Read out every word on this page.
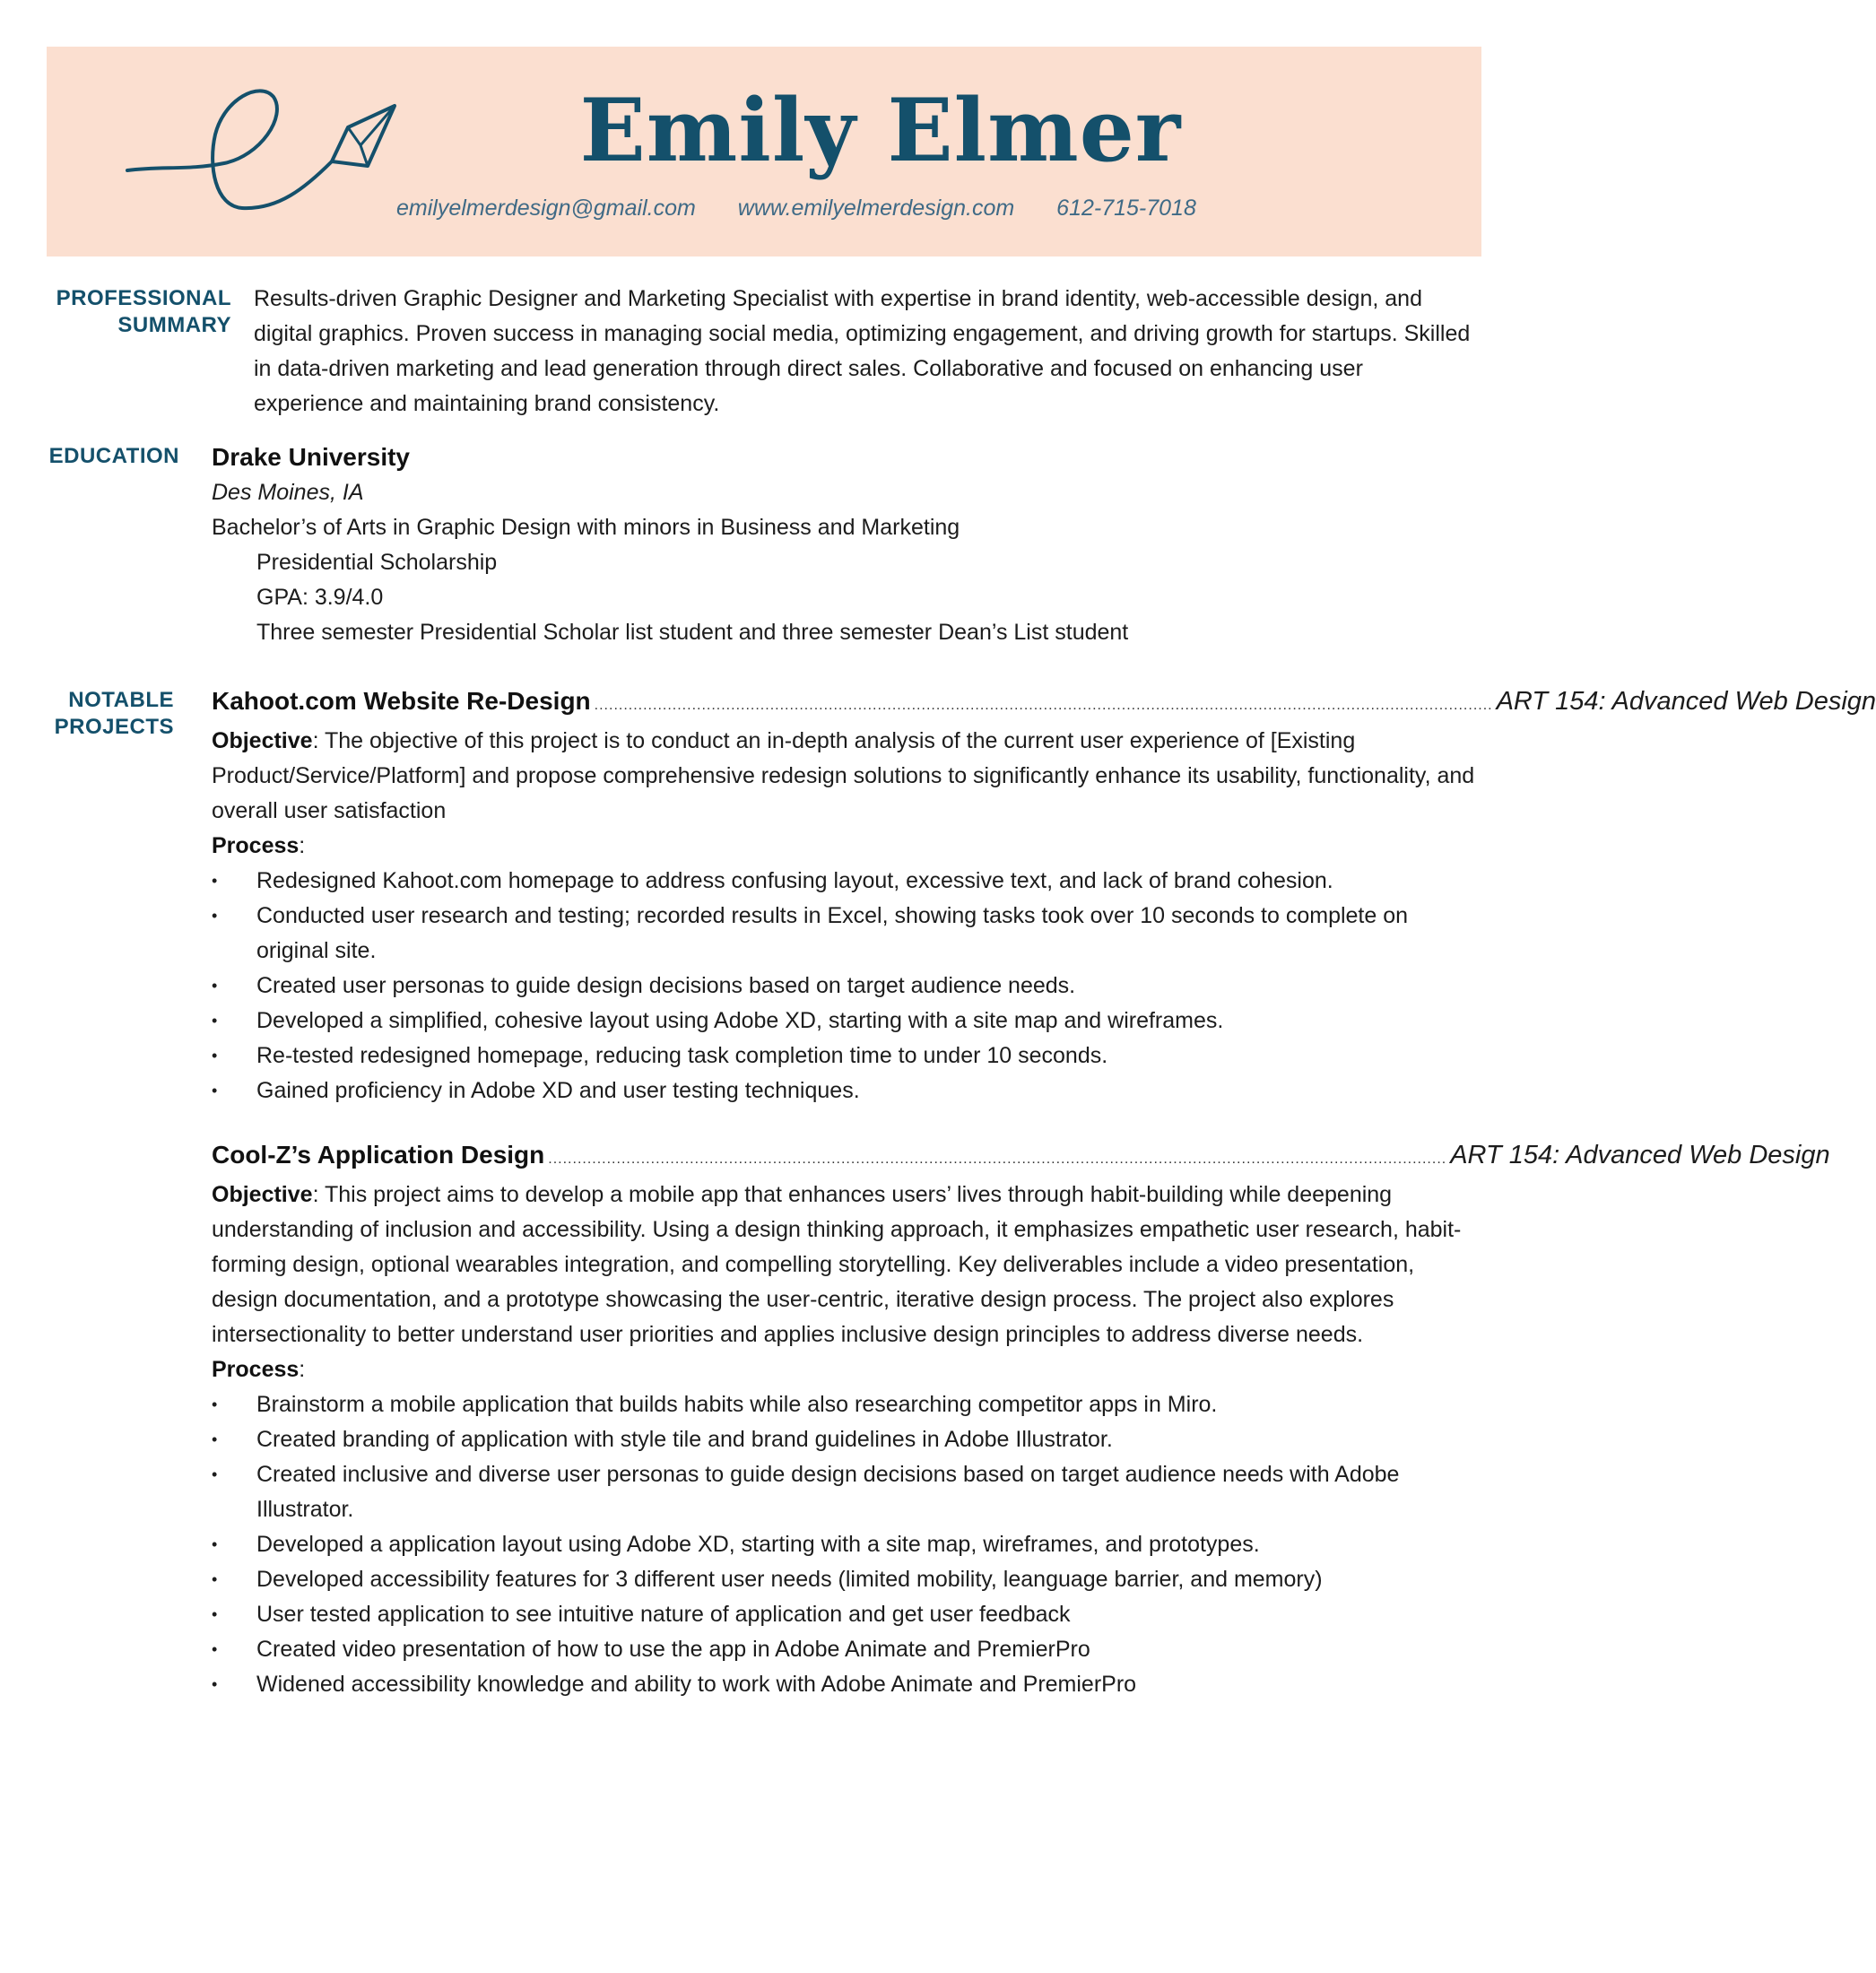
Emily Elmer
emilyelmerdesign@gmail.com www.emilyelmerdesign.com 612-715-7018
PROFESSIONAL
SUMMARY
Results-driven Graphic Designer and Marketing Specialist with expertise in brand identity, web-accessible design, and digital graphics. Proven success in managing social media, optimizing engagement, and driving growth for startups. Skilled in data-driven marketing and lead generation through direct sales. Collaborative and focused on enhancing user experience and maintaining brand consistency.
EDUCATION Drake University
Des Moines, IA
Bachelor’s of Arts in Graphic Design with minors in Business and Marketing
Presidential Scholarship
GPA: 3.9/4.0
Three semester Presidential Scholar list student and three semester Dean’s List student
NOTABLE
PROJECTS
Kahoot.com Website Re-Design ........................................................................................................................................................................................ ART 154: Advanced Web Design
Objective: The objective of this project is to conduct an in-depth analysis of the current user experience of [Existing Product/Service/Platform] and propose comprehensive redesign solutions to significantly enhance its usability, functionality, and overall user satisfaction
Process:
• Redesigned Kahoot.com homepage to address confusing layout, excessive text, and lack of brand cohesion.
• Conducted user research and testing; recorded results in Excel, showing tasks took over 10 seconds to complete on original site.
• Created user personas to guide design decisions based on target audience needs.
• Developed a simplified, cohesive layout using Adobe XD, starting with a site map and wireframes.
• Re-tested redesigned homepage, reducing task completion time to under 10 seconds.
• Gained proficiency in Adobe XD and user testing techniques.
Cool-Z’s Application Design ........................................................................................................................................................................................ ART 154: Advanced Web Design
Objective: This project aims to develop a mobile app that enhances users’ lives through habit-building while deepening understanding of inclusion and accessibility. Using a design thinking approach, it emphasizes empathetic user research, habit-forming design, optional wearables integration, and compelling storytelling. Key deliverables include a video presentation, design documentation, and a prototype showcasing the user-centric, iterative design process. The project also explores intersectionality to better understand user priorities and applies inclusive design principles to address diverse needs.
Process:
• Brainstorm a mobile application that builds habits while also researching competitor apps in Miro.
• Created branding of application with style tile and brand guidelines in Adobe Illustrator.
• Created inclusive and diverse user personas to guide design decisions based on target audience needs with Adobe Illustrator.
• Developed a application layout using Adobe XD, starting with a site map, wireframes, and prototypes.
• Developed accessibility features for 3 different user needs (limited mobility, leanguage barrier, and memory)
• User tested application to see intuitive nature of application and get user feedback
• Created video presentation of how to use the app in Adobe Animate and PremierPro
• Widened accessibility knowledge and ability to work with Adobe Animate and PremierPro
